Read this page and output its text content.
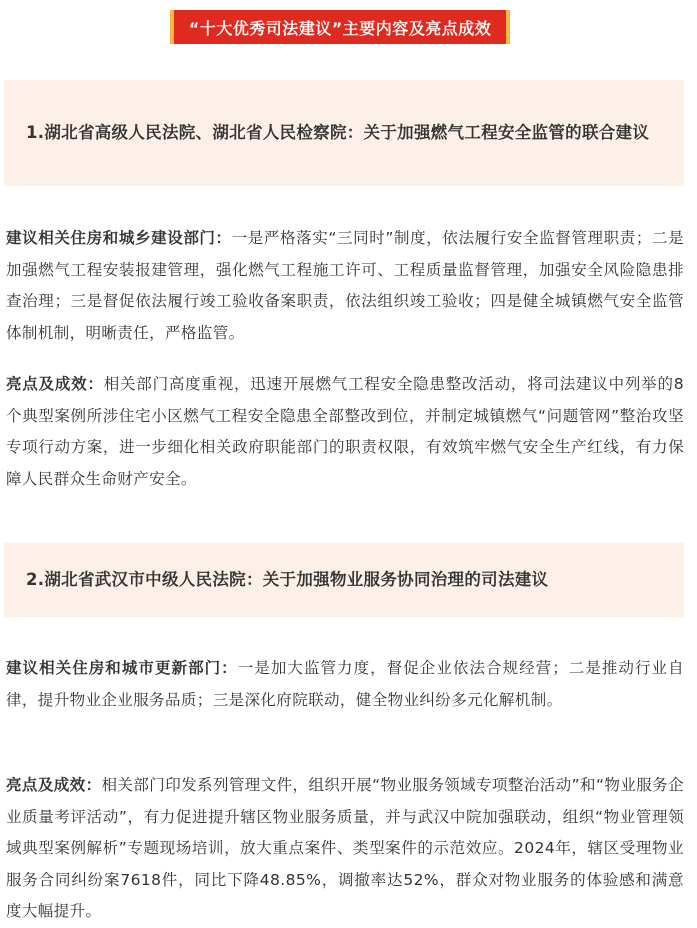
“十大优秀司法建议”主要内容及亮点成效
1.湖北省高级人民法院、湖北省人民检察院：关于加强燃气工程安全监管的联合建议

建议相关住房和城乡建设部门：一是严格落实“三同时”制度，依法履行安全监督管理职责；二是加强燃气工程安装报建管理，强化燃气工程施工许可、工程质量监督管理，加强安全风险隐患排查治理；三是督促依法履行竣工验收备案职责，依法组织竣工验收；四是健全城镇燃气安全监管体制机制，明晰责任，严格监管。

亮点及成效：相关部门高度重视，迅速开展燃气工程安全隐患整改活动，将司法建议中列举的8个典型案例所涉住宅小区燃气工程安全隐患全部整改到位，并制定城镇燃气“问题管网”整治攻坚专项行动方案，进一步细化相关政府职能部门的职责权限，有效筑牢燃气安全生产红线，有力保障人民群众生命财产安全。

2.湖北省武汉市中级人民法院：关于加强物业服务协同治理的司法建议

建议相关住房和城市更新部门：一是加大监管力度，督促企业依法合规经营；二是推动行业自律，提升物业企业服务品质；三是深化府院联动，健全物业纠纷多元化解机制。

亮点及成效：相关部门印发系列管理文件，组织开展“物业服务领域专项整治活动”和“物业服务企业质量考评活动”，有力促进提升辖区物业服务质量，并与武汉中院加强联动，组织“物业管理领域典型案例解析”专题现场培训，放大重点案件、类型案件的示范效应。2024年，辖区受理物业服务合同纠纷案7618件，同比下降48.85%，调撤率达52%，群众对物业服务的体验感和满意度大幅提升。
